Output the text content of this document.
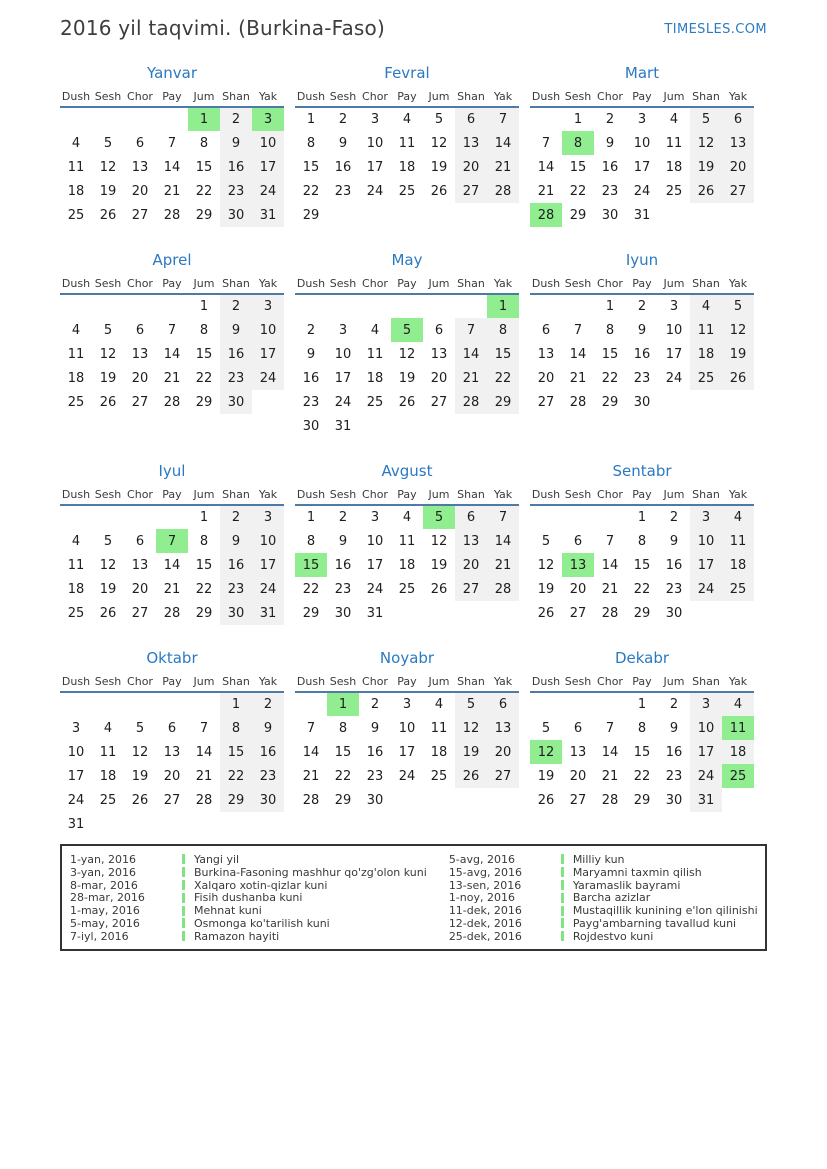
2016 yil taqvimi. (Burkina-Faso)	TIMESLES.COM
Yanvar
Dush	Sesh	Chor	Pay	Jum	Shan	Yak
				1	2	3
4	5	6	7	8	9	10
11	12	13	14	15	16	17
18	19	20	21	22	23	24
25	26	27	28	29	30	31
Fevral
Dush	Sesh	Chor	Pay	Jum	Shan	Yak
1	2	3	4	5	6	7
8	9	10	11	12	13	14
15	16	17	18	19	20	21
22	23	24	25	26	27	28
29						
Mart
Dush	Sesh	Chor	Pay	Jum	Shan	Yak
	1	2	3	4	5	6
7	8	9	10	11	12	13
14	15	16	17	18	19	20
21	22	23	24	25	26	27
28	29	30	31			
Aprel
Dush	Sesh	Chor	Pay	Jum	Shan	Yak
				1	2	3
4	5	6	7	8	9	10
11	12	13	14	15	16	17
18	19	20	21	22	23	24
25	26	27	28	29	30	
May
Dush	Sesh	Chor	Pay	Jum	Shan	Yak
						1
2	3	4	5	6	7	8
9	10	11	12	13	14	15
16	17	18	19	20	21	22
23	24	25	26	27	28	29
30	31					
Iyun
Dush	Sesh	Chor	Pay	Jum	Shan	Yak
		1	2	3	4	5
6	7	8	9	10	11	12
13	14	15	16	17	18	19
20	21	22	23	24	25	26
27	28	29	30			
Iyul
Dush	Sesh	Chor	Pay	Jum	Shan	Yak
				1	2	3
4	5	6	7	8	9	10
11	12	13	14	15	16	17
18	19	20	21	22	23	24
25	26	27	28	29	30	31
Avgust
Dush	Sesh	Chor	Pay	Jum	Shan	Yak
1	2	3	4	5	6	7
8	9	10	11	12	13	14
15	16	17	18	19	20	21
22	23	24	25	26	27	28
29	30	31				
Sentabr
Dush	Sesh	Chor	Pay	Jum	Shan	Yak
			1	2	3	4
5	6	7	8	9	10	11
12	13	14	15	16	17	18
19	20	21	22	23	24	25
26	27	28	29	30		
Oktabr
Dush	Sesh	Chor	Pay	Jum	Shan	Yak
					1	2
3	4	5	6	7	8	9
10	11	12	13	14	15	16
17	18	19	20	21	22	23
24	25	26	27	28	29	30
31						
Noyabr
Dush	Sesh	Chor	Pay	Jum	Shan	Yak
	1	2	3	4	5	6
7	8	9	10	11	12	13
14	15	16	17	18	19	20
21	22	23	24	25	26	27
28	29	30				
Dekabr
Dush	Sesh	Chor	Pay	Jum	Shan	Yak
			1	2	3	4
5	6	7	8	9	10	11
12	13	14	15	16	17	18
19	20	21	22	23	24	25
26	27	28	29	30	31	
1-yan, 2016	Yangi yil
3-yan, 2016	Burkina-Fasoning mashhur qo'zg'olon kuni
8-mar, 2016	Xalqaro xotin-qizlar kuni
28-mar, 2016	Fisih dushanba kuni
1-may, 2016	Mehnat kuni
5-may, 2016	Osmonga ko'tarilish kuni
7-iyl, 2016	Ramazon hayiti
5-avg, 2016	Milliy kun
15-avg, 2016	Maryamni taxmin qilish
13-sen, 2016	Yaramaslik bayrami
1-noy, 2016	Barcha azizlar
11-dek, 2016	Mustaqillik kunining e'lon qilinishi
12-dek, 2016	Payg'ambarning tavallud kuni
25-dek, 2016	Rojdestvo kuni
